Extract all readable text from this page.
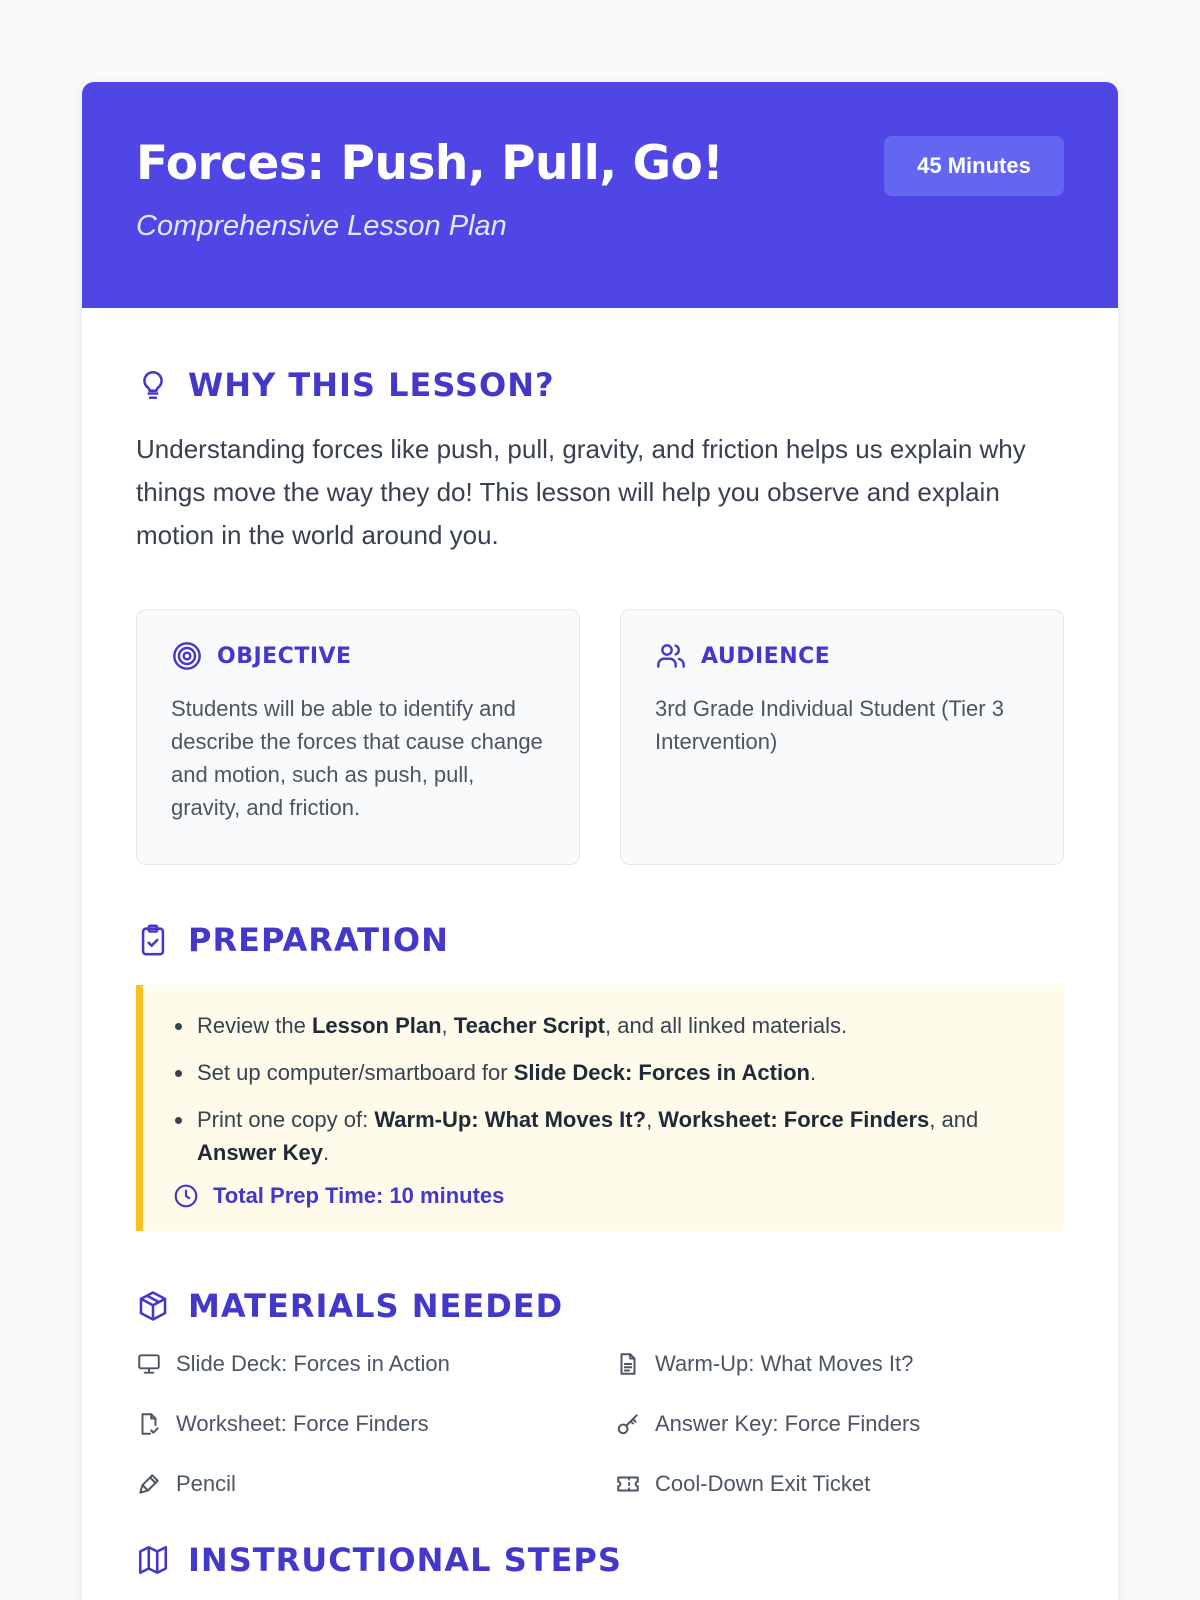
Forces: Push, Pull, Go!
Comprehensive Lesson Plan
45 Minutes
WHY THIS LESSON?

Understanding forces like push, pull, gravity, and friction helps us explain why things move the way they do! This lesson will help you observe and explain motion in the world around you.

OBJECTIVE

Students will be able to identify and describe the forces that cause change and motion, such as push, pull, gravity, and friction.

AUDIENCE

3rd Grade Individual Student (Tier 3 Intervention)

PREPARATION
Review the Lesson Plan, Teacher Script, and all linked materials.
Set up computer/smartboard for Slide Deck: Forces in Action.
Print one copy of: Warm-Up: What Moves It?, Worksheet: Force Finders, and Answer Key.
Total Prep Time: 10 minutes
MATERIALS NEEDED
Slide Deck: Forces in Action	Warm-Up: What Moves It?
Worksheet: Force Finders	Answer Key: Force Finders
Pencil	Cool-Down Exit Ticket
INSTRUCTIONAL STEPS
